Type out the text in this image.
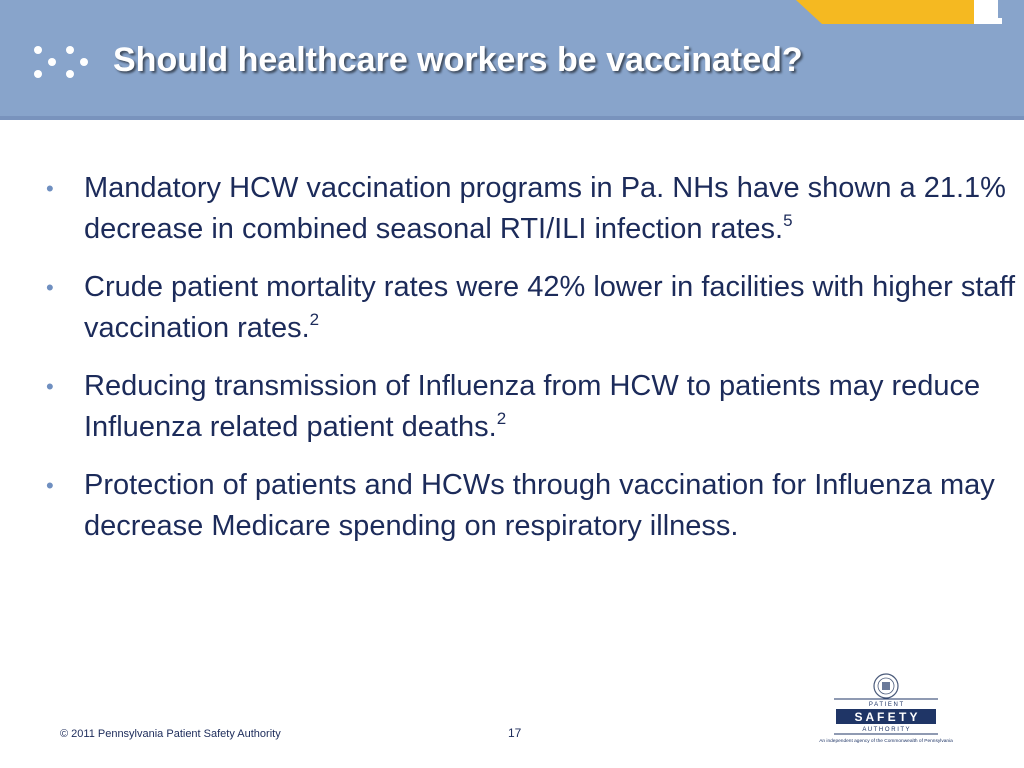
Should healthcare workers be vaccinated?
• Mandatory HCW vaccination programs in Pa. NHs have shown a 21.1% decrease in combined seasonal RTI/ILI infection rates.$^5$
• Crude patient mortality rates were 42% lower in facilities with higher staff vaccination rates.$^2$
• Reducing transmission of Influenza from HCW to patients may reduce Influenza related patient deaths.$^2$
• Protection of patients and HCWs through vaccination for Influenza may decrease Medicare spending on respiratory illness.
© 2011 Pennsylvania Patient Safety Authority	17
P A T I E N T
S A F E T Y
A U T H O R I T Y
An independent agency of the Commonwealth of Pennsylvania
